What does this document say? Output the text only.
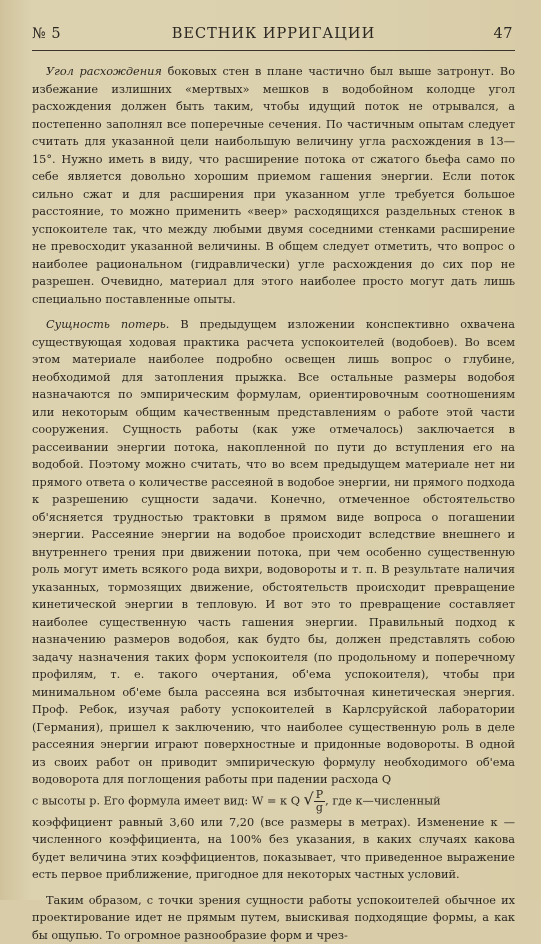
№ 5	ВЕСТНИК ИРРИГАЦИИ	47

Угол расхождения боковых стен в плане частично был выше затронут. Во избежание излишних «мертвых» мешков в водобойном колодце угол расхождения должен быть таким, чтобы идущий поток не отрывался, а постепенно заполнял все поперечные сечения. По частичным опытам следует считать для указанной цели наибольшую величину угла расхождения в 13—15°. Нужно иметь в виду, что расширение потока от сжатого бьефа само по себе является довольно хорошим приемом гашения энергии. Если поток сильно сжат и для расширения при указанном угле требуется большое расстояние, то можно применить «веер» расходящихся раздельных стенок в успокоителе так, что между любыми двумя соседними стенками расширение не превосходит указанной величины. В общем следует отметить, что вопрос о наиболее рациональном (гидравлически) угле расхождения до сих пор не разрешен. Очевидно, материал для этого наиболее просто могут дать лишь специально поставленные опыты.

Сущность потерь. В предыдущем изложении конспективно охвачена существующая ходовая практика расчета успокоителей (водобоев). Во всем этом материале наиболее подробно освещен лишь вопрос о глубине, необходимой для затопления прыжка. Все остальные размеры водобоя назначаются по эмпирическим формулам, ориентировочным соотношениям или некоторым общим качественным представлениям о работе этой части сооружения. Сущность работы (как уже отмечалось) заключается в рассеивании энергии потока, накопленной по пути до вступления его на водобой. Поэтому можно считать, что во всем предыдущем материале нет ни прямого ответа о количестве рассеяной в водобое энергии, ни прямого подхода к разрешению сущности задачи. Конечно, отмеченное обстоятельство об'ясняется трудностью трактовки в прямом виде вопроса о погашении энергии. Рассеяние энергии на водобое происходит вследствие внешнего и внутреннего трения при движении потока, при чем особенно существенную роль могут иметь всякого рода вихри, водовороты и т. п. В результате наличия указанных, тормозящих движение, обстоятельств происходит превращение кинетической энергии в тепловую. И вот это то превращение составляет наиболее существенную часть гашения энергии. Правильный подход к назначению размеров водобоя, как будто бы, должен представлять собою задачу назначения таких форм успокоителя (по продольному и поперечному профилям, т. е. такого очертания, об'ема успокоителя), чтобы при минимальном об'еме была рассеяна вся избыточная кинетическая энергия. Проф. Ребок, изучая работу успокоителей в Карлсруйской лаборатории (Германия), пришел к заключению, что наиболее существенную роль в деле рассеяния энергии играют поверхностные и придонные водовороты. В одной из своих работ он приводит эмпирическую формулу необходимого об'ема водоворота для поглощения работы при падении расхода Q

с высоты p. Его формула имеет вид: W = к Q √ $\frac{P}{g}$ , где к—численный

коэффициент равный 3,60 или 7,20 (все размеры в метрах). Изменение к — численного коэффициента, на 100% без указания, в каких случаях какова будет величина этих коэффициентов, показывает, что приведенное выражение есть первое приближение, пригодное для некоторых частных условий.

Таким образом, с точки зрения сущности работы успокоителей обычное их проектирование идет не прямым путем, выискивая подходящие формы, а как бы ощупью. То огромное разнообразие форм и чрез-
